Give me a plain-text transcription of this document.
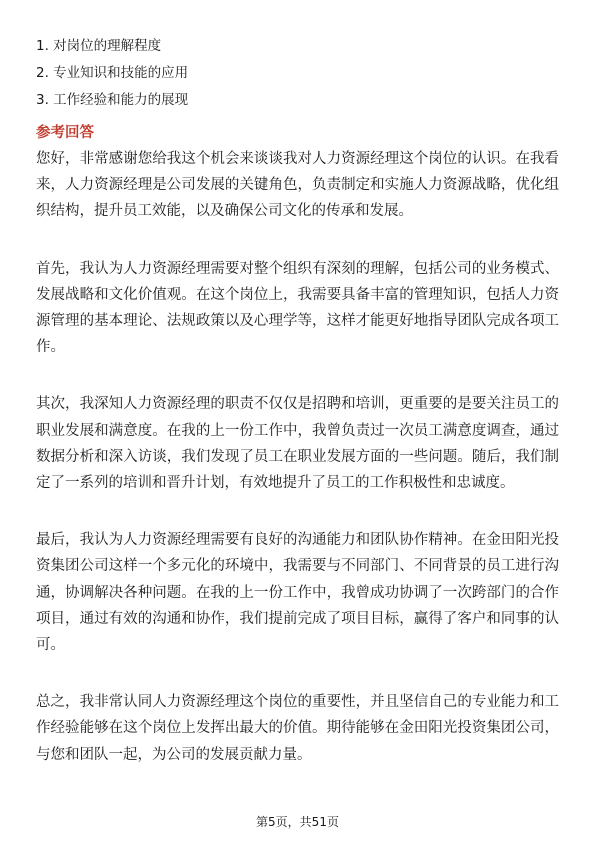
1. 对岗位的理解程度
2. 专业知识和技能的应用
3. 工作经验和能力的展现
参考回答

您好，非常感谢您给我这个机会来谈谈我对人力资源经理这个岗位的认识。在我看来，人力资源经理是公司发展的关键角色，负责制定和实施人力资源战略，优化组织结构，提升员工效能，以及确保公司文化的传承和发展。

首先，我认为人力资源经理需要对整个组织有深刻的理解，包括公司的业务模式、发展战略和文化价值观。在这个岗位上，我需要具备丰富的管理知识，包括人力资源管理的基本理论、法规政策以及心理学等，这样才能更好地指导团队完成各项工作。

其次，我深知人力资源经理的职责不仅仅是招聘和培训，更重要的是要关注员工的职业发展和满意度。在我的上一份工作中，我曾负责过一次员工满意度调查，通过数据分析和深入访谈，我们发现了员工在职业发展方面的一些问题。随后，我们制定了一系列的培训和晋升计划，有效地提升了员工的工作积极性和忠诚度。

最后，我认为人力资源经理需要有良好的沟通能力和团队协作精神。在金田阳光投资集团公司这样一个多元化的环境中，我需要与不同部门、不同背景的员工进行沟通，协调解决各种问题。在我的上一份工作中，我曾成功协调了一次跨部门的合作项目，通过有效的沟通和协作，我们提前完成了项目目标，赢得了客户和同事的认可。

总之，我非常认同人力资源经理这个岗位的重要性，并且坚信自己的专业能力和工作经验能够在这个岗位上发挥出最大的价值。期待能够在金田阳光投资集团公司，与您和团队一起，为公司的发展贡献力量。

第5页，共51页
